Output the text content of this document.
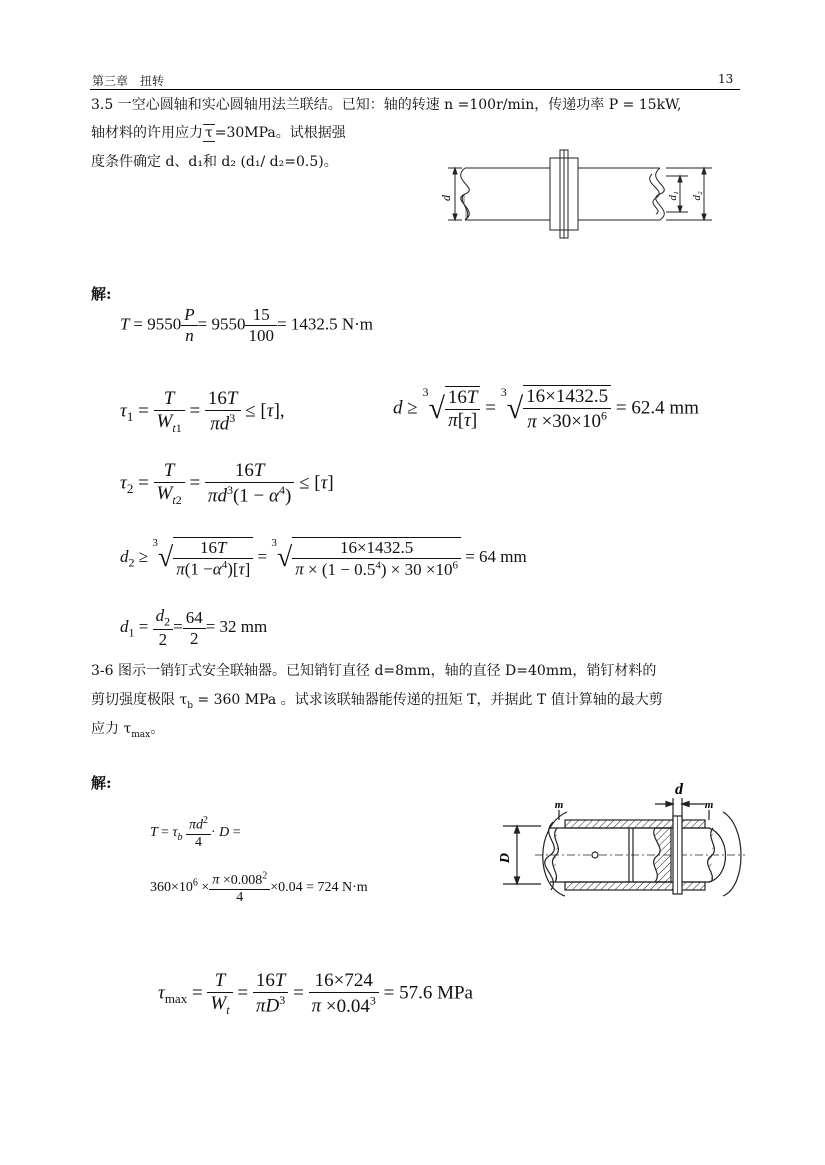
第三章　扭转	13
3.5 一空心圆轴和实心圆轴用法兰联结。已知：轴的转速 n =100r/min，传递功率 P = 15kW,
轴材料的许用应力 τ =30MPa。试根据强
度条件确定 d、d₁和 d₂ (d₁/ d₂=0.5)。
d	d₁ d₂
解:
$T = 9550 \frac{P}{n} = 9550 \frac{15}{100} = 1432.5$ N·m
$\tau_1 = \frac{T}{W_{t1}} = \frac{16T}{\pi d^3} \le [\tau]$,	$d \ge ^3√ \frac{16T}{\pi[\tau]} = ^3√ \frac{16\times 1432.5}{\pi \times 30\times 10^6} = 62.4$ mm
$\tau_2 = \frac{T}{W_{t2}} = \frac{16T}{\pi d^3(1 - \alpha^4)} \le [\tau]$
$d_2 \ge ^3√ \frac{16T}{\pi(1 -\alpha^4)[\tau]} = ^3√ \frac{16\times 1432.5}{\pi \times (1 - 0.5^4) \times 30 \times 10^6} = 64$ mm
$d_1 = \frac{d_2}{2} = \frac{64}{2} = 32$ mm
3-6 图示一销钉式安全联轴器。已知销钉直径 d=8mm，轴的直径 D=40mm，销钉材料的
剪切强度极限 $\tau_b = 360$ MPa 。试求该联轴器能传递的扭矩 T，并据此 T 值计算轴的最大剪
应力 $\tau_{max}$。
解:
$T = \tau_b \frac{\pi d^2}{4} \cdot D$ =
$360\times 10^6 \times \frac{\pi \times 0.008^2}{4} \times 0.04 = 724$ N·m
D
d
m	m
$\tau_{max} = \frac{T}{W_t} = \frac{16T}{\pi D^3} = \frac{16\times 724}{\pi \times 0.04^3} = 57.6$ MPa
